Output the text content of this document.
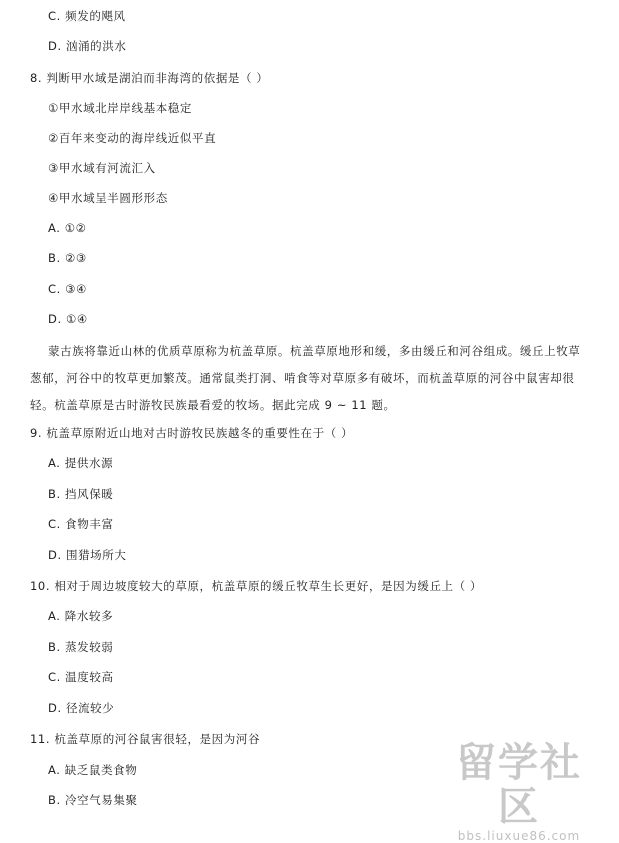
C. 频发的飓风
D. 汹涌的洪水
8. 判断甲水域是湖泊而非海湾的依据是（ ）
①甲水域北岸岸线基本稳定
②百年来变动的海岸线近似平直
③甲水域有河流汇入
④甲水域呈半圆形形态
A. ①②
B. ②③
C. ③④
D. ①④
蒙古族将靠近山林的优质草原称为杭盖草原。杭盖草原地形和缓，多由缓丘和河谷组成。缓丘上牧草葱郁，河谷中的牧草更加繁茂。通常鼠类打洞、啃食等对草原多有破坏，而杭盖草原的河谷中鼠害却很轻。杭盖草原是古时游牧民族最看爱的牧场。据此完成 9 ~ 11 题。
9. 杭盖草原附近山地对古时游牧民族越冬的重要性在于（ ）
A. 提供水源
B. 挡风保暖
C. 食物丰富
D. 围猎场所大
10. 相对于周边坡度较大的草原，杭盖草原的缓丘牧草生长更好，是因为缓丘上（ ）
A. 降水较多
B. 蒸发较弱
C. 温度较高
D. 径流较少
11. 杭盖草原的河谷鼠害很轻，是因为河谷
A. 缺乏鼠类食物
B. 冷空气易集聚
留学社区
bbs.liuxue86.com
